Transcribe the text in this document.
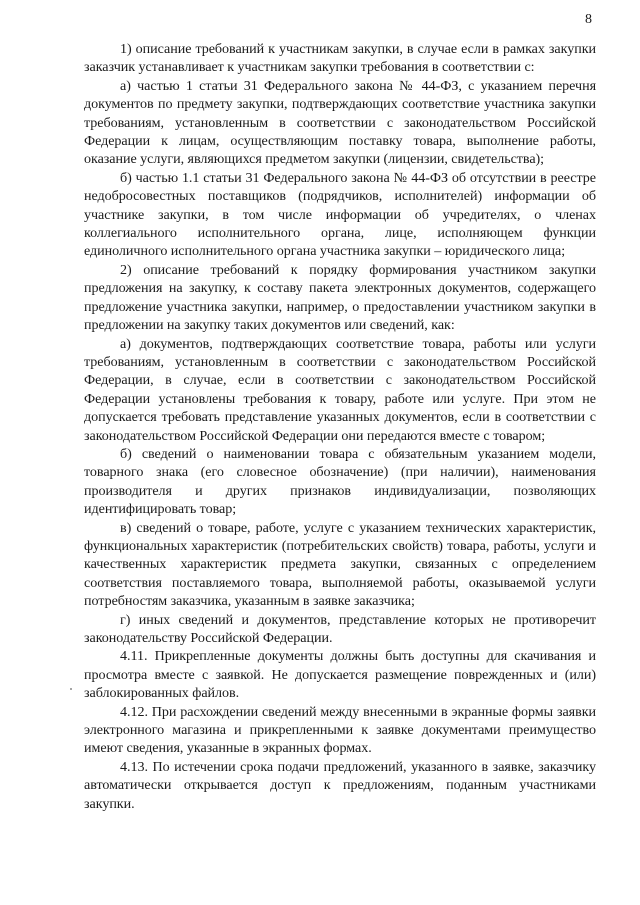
8

1) описание требований к участникам закупки, в случае если в рамках закупки заказчик устанавливает к участникам закупки требования в соответствии с:

а) частью 1 статьи 31 Федерального закона № 44-ФЗ, с указанием перечня документов по предмету закупки, подтверждающих соответствие участника закупки требованиям, установленным в соответствии с законодательством Российской Федерации к лицам, осуществляющим поставку товара, выполнение работы, оказание услуги, являющихся предметом закупки (лицензии, свидетельства);

б) частью 1.1 статьи 31 Федерального закона № 44-ФЗ об отсутствии в реестре недобросовестных поставщиков (подрядчиков, исполнителей) информации об участнике закупки, в том числе информации об учредителях, о членах коллегиального исполнительного органа, лице, исполняющем функции единоличного исполнительного органа участника закупки – юридического лица;

2) описание требований к порядку формирования участником закупки предложения на закупку, к составу пакета электронных документов, содержащего предложение участника закупки, например, о предоставлении участником закупки в предложении на закупку таких документов или сведений, как:

а) документов, подтверждающих соответствие товара, работы или услуги требованиям, установленным в соответствии с законодательством Российской Федерации, в случае, если в соответствии с законодательством Российской Федерации установлены требования к товару, работе или услуге. При этом не допускается требовать представление указанных документов, если в соответствии с законодательством Российской Федерации они передаются вместе с товаром;

б) сведений о наименовании товара с обязательным указанием модели, товарного знака (его словесное обозначение) (при наличии), наименования производителя и других признаков индивидуализации, позволяющих идентифицировать товар;

в) сведений о товаре, работе, услуге с указанием технических характеристик, функциональных характеристик (потребительских свойств) товара, работы, услуги и качественных характеристик предмета закупки, связанных с определением соответствия поставляемого товара, выполняемой работы, оказываемой услуги потребностям заказчика, указанным в заявке заказчика;

г) иных сведений и документов, представление которых не противоречит законодательству Российской Федерации.

4.11. Прикрепленные документы должны быть доступны для скачивания и просмотра вместе с заявкой. Не допускается размещение поврежденных и (или) заблокированных файлов.

4.12. При расхождении сведений между внесенными в экранные формы заявки электронного магазина и прикрепленными к заявке документами преимущество имеют сведения, указанные в экранных формах.

4.13. По истечении срока подачи предложений, указанного в заявке, заказчику автоматически открывается доступ к предложениям, поданным участниками закупки.
